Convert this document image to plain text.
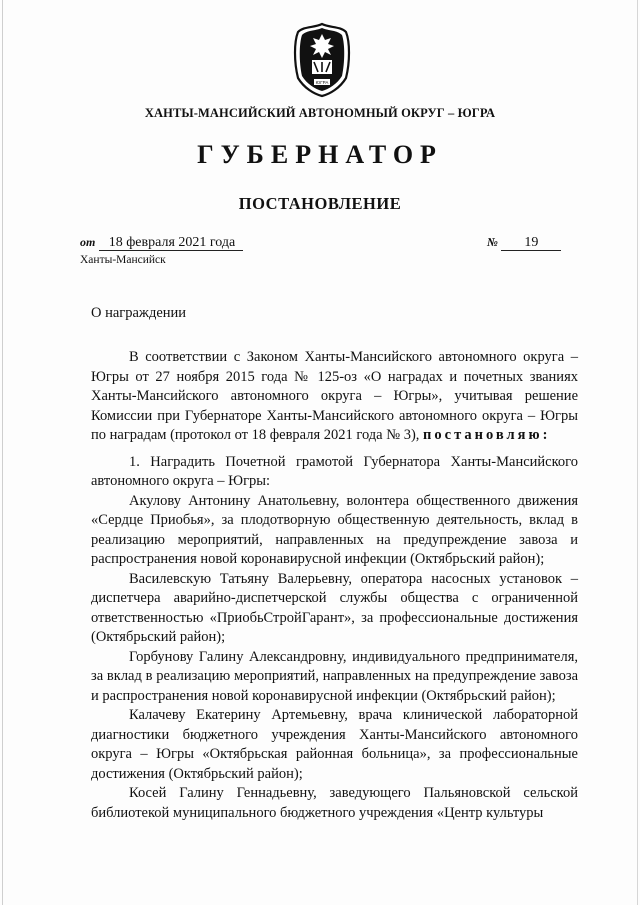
ЮГРА
ХАНТЫ-МАНСИЙСКИЙ АВТОНОМНЫЙ ОКРУГ – ЮГРА
ГУБЕРНАТОР
ПОСТАНОВЛЕНИЕ
от 18 февраля 2021 года	№ 19
Ханты-Мансийск
О награждении

В соответствии с Законом Ханты-Мансийского автономного округа – Югры от 27 ноября 2015 года № 125-оз «О наградах и почетных званиях Ханты-Мансийского автономного округа – Югры», учитывая решение Комиссии при Губернаторе Ханты-Мансийского автономного округа – Югры по наградам (протокол от 18 февраля 2021 года № 3), постановляю:

1. Наградить Почетной грамотой Губернатора Ханты-Мансийского автономного округа – Югры:

Акулову Антонину Анатольевну, волонтера общественного движения «Сердце Приобья», за плодотворную общественную деятельность, вклад в реализацию мероприятий, направленных на предупреждение завоза и распространения новой коронавирусной инфекции (Октябрьский район);

Василевскую Татьяну Валерьевну, оператора насосных установок – диспетчера аварийно-диспетчерской службы общества с ограниченной ответственностью «ПриобьСтройГарант», за профессиональные достижения (Октябрьский район);

Горбунову Галину Александровну, индивидуального предпринимателя, за вклад в реализацию мероприятий, направленных на предупреждение завоза и распространения новой коронавирусной инфекции (Октябрьский район);

Калачеву Екатерину Артемьевну, врача клинической лабораторной диагностики бюджетного учреждения Ханты-Мансийского автономного округа – Югры «Октябрьская районная больница», за профессиональные достижения (Октябрьский район);

Косей Галину Геннадьевну, заведующего Пальяновской сельской библиотекой муниципального бюджетного учреждения «Центр культуры
